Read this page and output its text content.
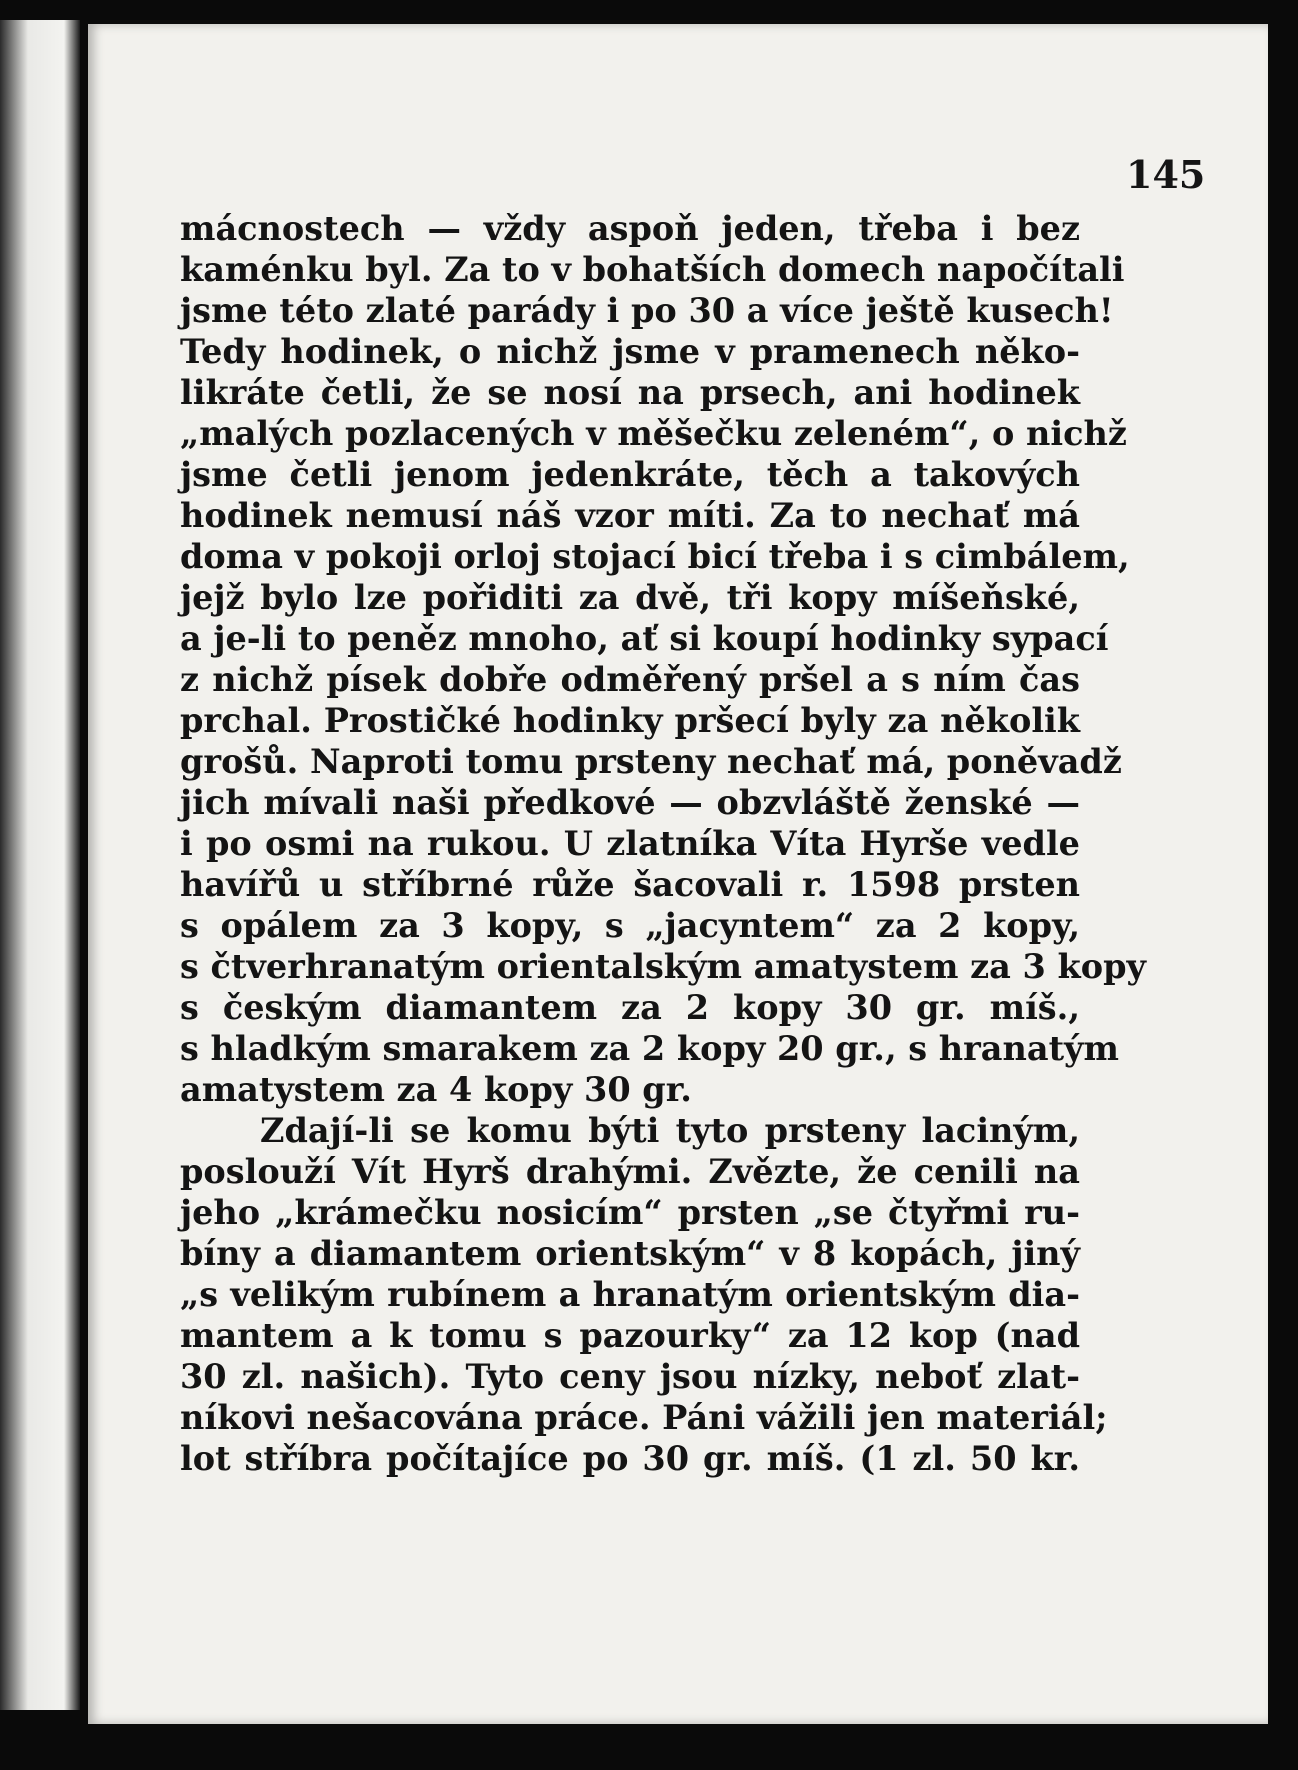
145
mácnostech — vždy aspoň jeden, třeba i bez
kaménku byl. Za to v bohatších domech napočítali
jsme této zlaté parády i po 30 a více ještě kusech!
Tedy hodinek, o nichž jsme v pramenech něko-
likráte četli, že se nosí na prsech, ani hodinek
„malých pozlacených v měšečku zeleném“, o nichž
jsme četli jenom jedenkráte, těch a takových
hodinek nemusí náš vzor míti. Za to nechať má
doma v pokoji orloj stojací bicí třeba i s cimbálem,
jejž bylo lze pořiditi za dvě, tři kopy míšeňské,
a je-li to peněz mnoho, ať si koupí hodinky sypací
z nichž písek dobře odměřený pršel a s ním čas
prchal. Prostičké hodinky pršecí byly za několik
grošů. Naproti tomu prsteny nechať má, poněvadž
jich mívali naši předkové — obzvláště ženské —
i po osmi na rukou. U zlatníka Víta Hyrše vedle
havířů u stříbrné růže šacovali r. 1598 prsten
s opálem za 3 kopy, s „jacyntem“ za 2 kopy,
s čtverhranatým orientalským amatystem za 3 kopy
s českým diamantem za 2 kopy 30 gr. míš.,
s hladkým smarakem za 2 kopy 20 gr., s hranatým
amatystem za 4 kopy 30 gr.
Zdají-li se komu býti tyto prsteny laciným,
poslouží Vít Hyrš drahými. Zvězte, že cenili na
jeho „krámečku nosicím“ prsten „se čtyřmi ru-
bíny a diamantem orientským“ v 8 kopách, jiný
„s velikým rubínem a hranatým orientským dia-
mantem a k tomu s pazourky“ za 12 kop (nad
30 zl. našich). Tyto ceny jsou nízky, neboť zlat-
níkovi nešacována práce. Páni vážili jen materiál;
lot stříbra počítajíce po 30 gr. míš. (1 zl. 50 kr.
